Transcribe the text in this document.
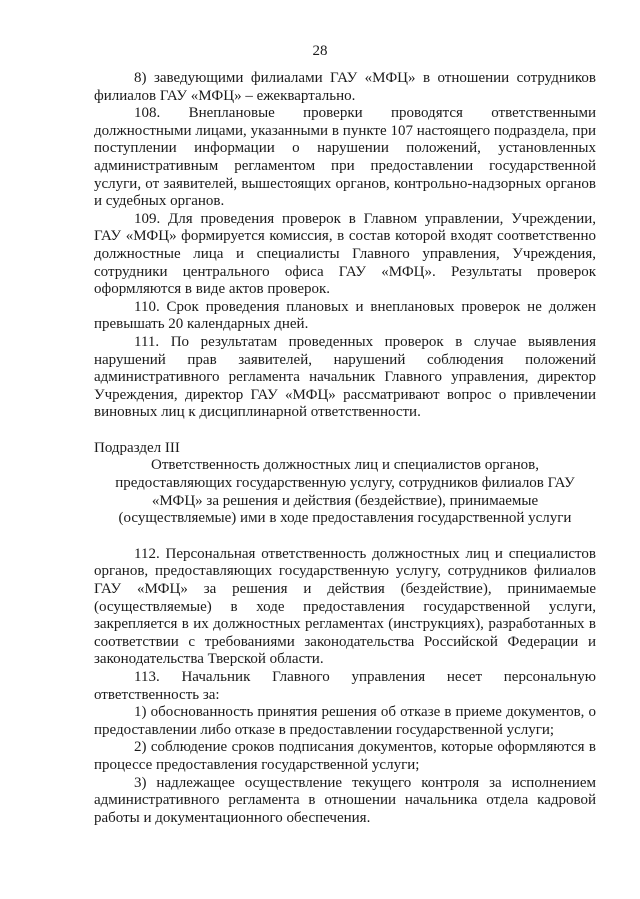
28

8) заведующими филиалами ГАУ «МФЦ» в отношении сотрудников филиалов ГАУ «МФЦ» – ежеквартально.

108. Внеплановые проверки проводятся ответственными должностными лицами, указанными в пункте 107 настоящего подраздела, при поступлении информации о нарушении положений, установленных административным регламентом при предоставлении государственной услуги, от заявителей, вышестоящих органов, контрольно-надзорных органов и судебных органов.

109. Для проведения проверок в Главном управлении, Учреждении, ГАУ «МФЦ» формируется комиссия, в состав которой входят соответственно должностные лица и специалисты Главного управления, Учреждения, сотрудники центрального офиса ГАУ «МФЦ». Результаты проверок оформляются в виде актов проверок.

110. Срок проведения плановых и внеплановых проверок не должен превышать 20 календарных дней.

111. По результатам проведенных проверок в случае выявления нарушений прав заявителей, нарушений соблюдения положений административного регламента начальник Главного управления, директор Учреждения, директор ГАУ «МФЦ» рассматривают вопрос о привлечении виновных лиц к дисциплинарной ответственности.

Подраздел III

Ответственность должностных лиц и специалистов органов,
предоставляющих государственную услугу, сотрудников филиалов ГАУ
«МФЦ» за решения и действия (бездействие), принимаемые
(осуществляемые) ими в ходе предоставления государственной услуги

112. Персональная ответственность должностных лиц и специалистов органов, предоставляющих государственную услугу, сотрудников филиалов ГАУ «МФЦ» за решения и действия (бездействие), принимаемые (осуществляемые) в ходе предоставления государственной услуги, закрепляется в их должностных регламентах (инструкциях), разработанных в соответствии с требованиями законодательства Российской Федерации и законодательства Тверской области.

113. Начальник Главного управления несет персональную ответственность за:

1) обоснованность принятия решения об отказе в приеме документов, о предоставлении либо отказе в предоставлении государственной услуги;

2) соблюдение сроков подписания документов, которые оформляются в процессе предоставления государственной услуги;

3) надлежащее осуществление текущего контроля за исполнением административного регламента в отношении начальника отдела кадровой работы и документационного обеспечения.
